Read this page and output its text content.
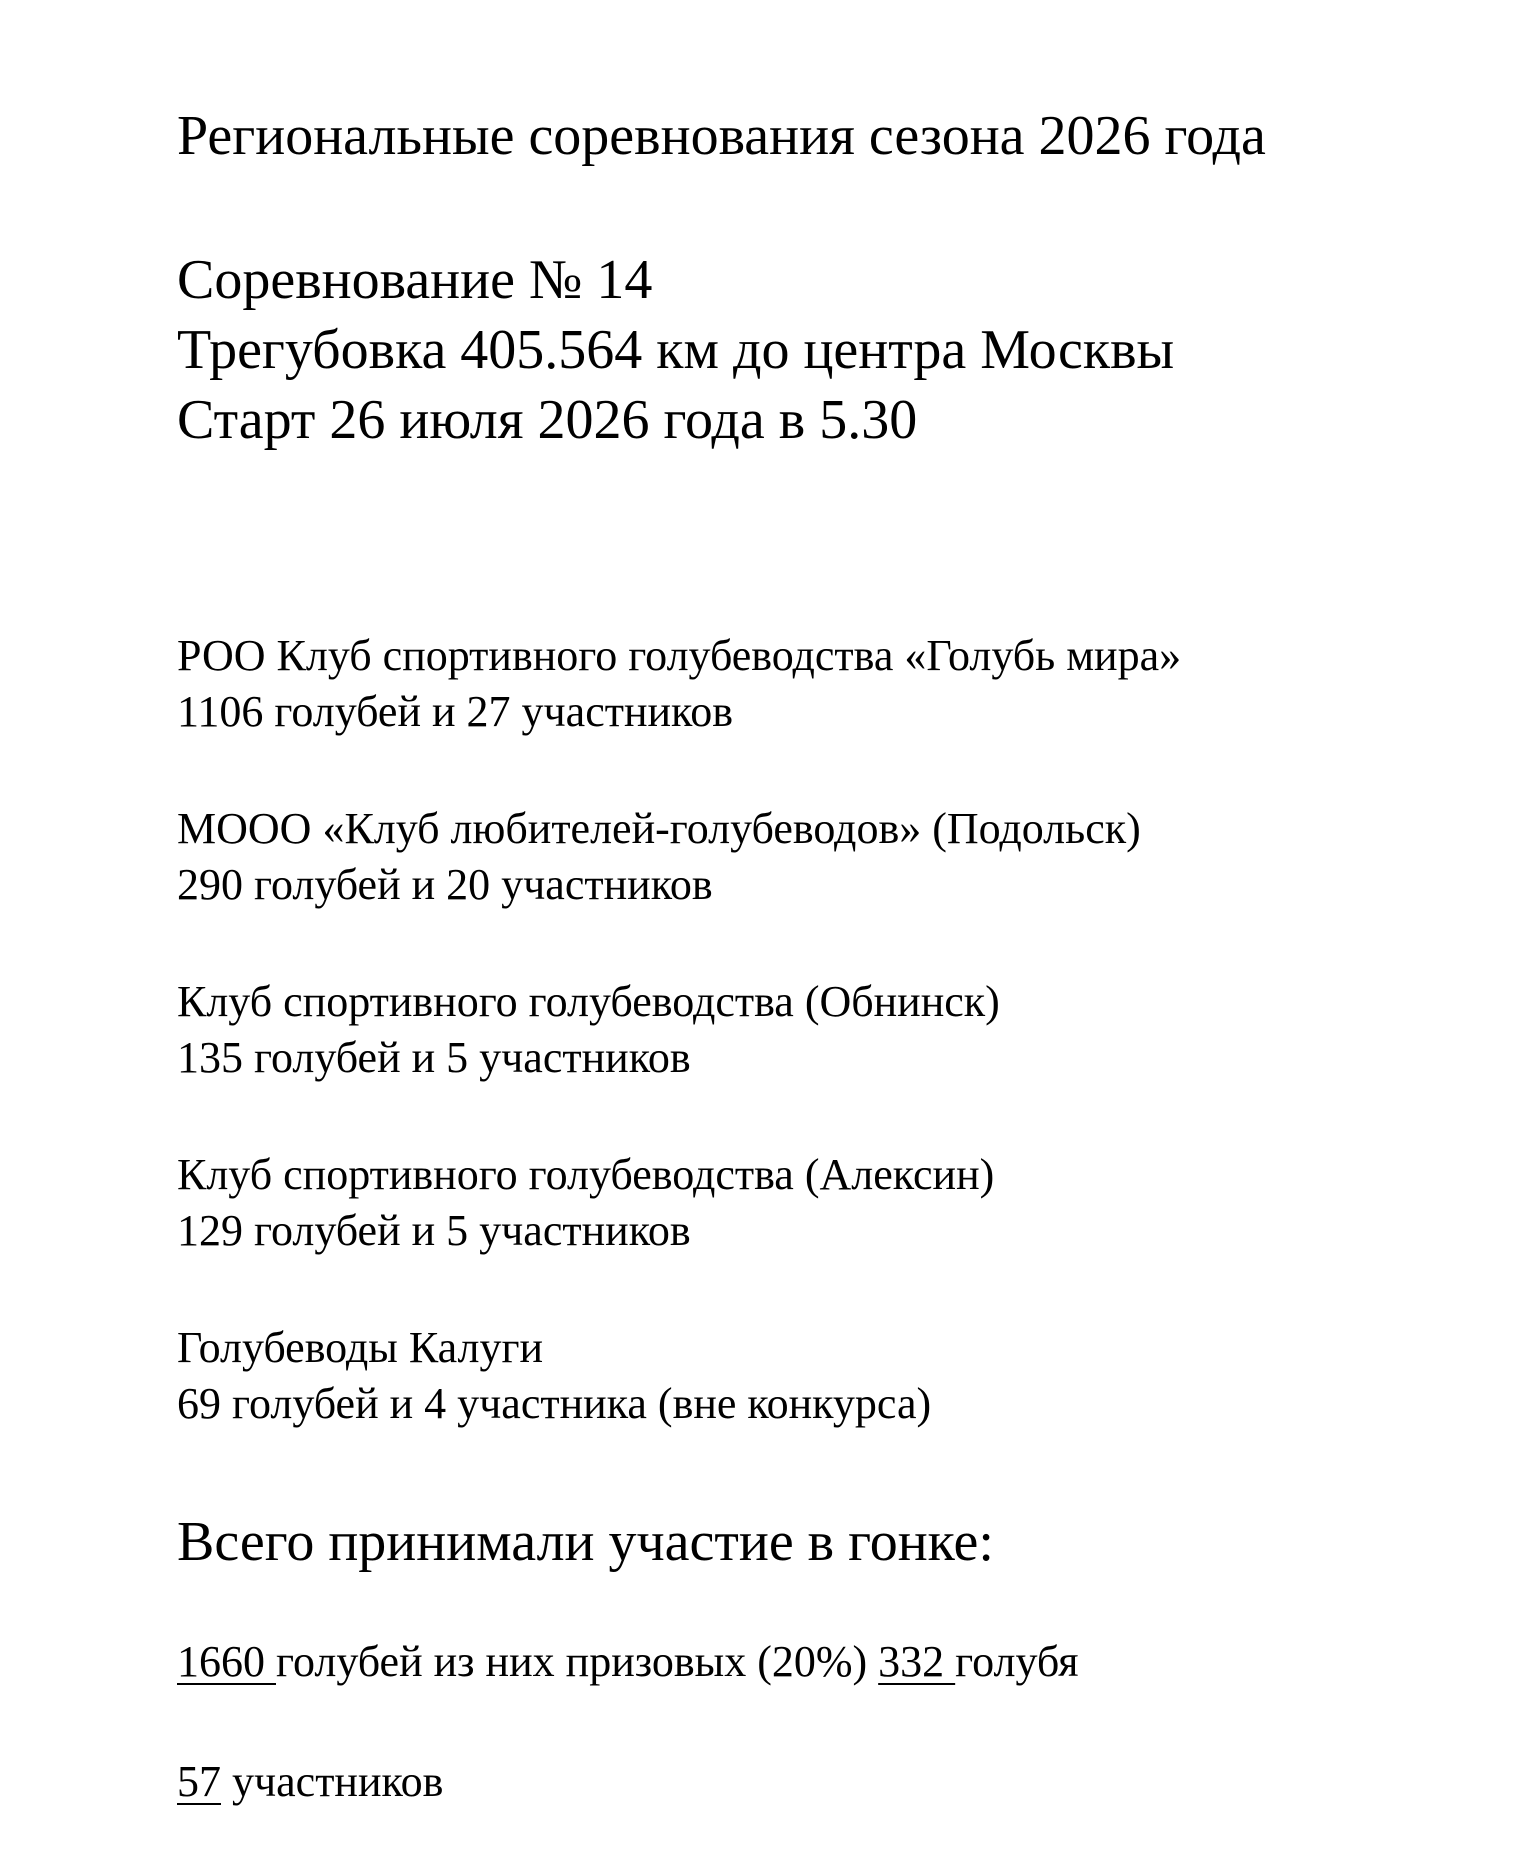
Региональные соревнования сезона 2026 года
Соревнование № 14
Трегубовка 405.564 км до центра Москвы
Старт 26 июля 2026 года в 5.30
РОО Клуб спортивного голубеводства «Голубь мира»
1106 голубей и 27 участников
МООО «Клуб любителей-голубеводов» (Подольск)
290 голубей и 20 участников
Клуб спортивного голубеводства (Обнинск)
135 голубей и 5 участников
Клуб спортивного голубеводства (Алексин)
129 голубей и 5 участников
Голубеводы Калуги
69 голубей и 4 участника (вне конкурса)
Всего принимали участие в гонке:
1660 голубей из них призовых (20%) 332 голубя
57 участников
